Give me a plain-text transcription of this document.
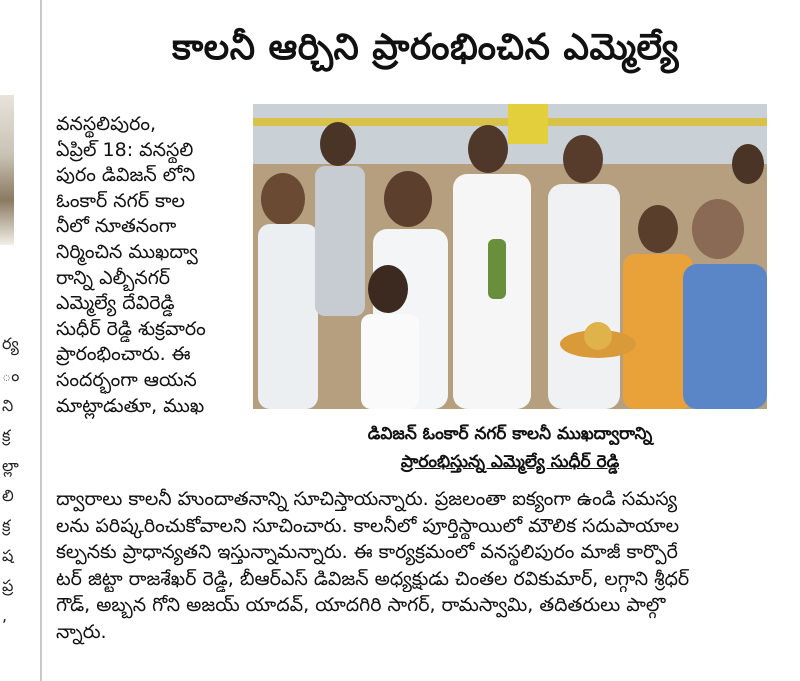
ర్య
ం
ని
క్ర
ల్లా
లి
క్ర
ష
ప్ర
,
కాలనీ ఆర్చిని ప్రారంభించిన ఎమ్మెల్యే
వనస్థలిపురం,
ఏప్రిల్ 18: వనస్థలి
పురం డివిజన్ లోని
ఓంకార్ నగర్ కాల
నీలో నూతనంగా
నిర్మించిన ముఖద్వా
రాన్ని ఎల్బీనగర్
ఎమ్మెల్యే దేవిరెడ్డి
సుధీర్ రెడ్డి శుక్రవారం
ప్రారంభించారు. ఈ
సందర్భంగా ఆయన
మాట్లాడుతూ, ముఖ
డివిజన్ ఓంకార్ నగర్ కాలనీ ముఖద్వారాన్ని
ప్రారంభిస్తున్న ఎమ్మెల్యే సుధీర్ రెడ్డి
ద్వారాలు కాలనీ హుందాతనాన్ని సూచిస్తాయన్నారు. ప్రజలంతా ఐక్యంగా ఉండి సమస్య
లను పరిష్కరించుకోవాలని సూచించారు. కాలనీలో పూర్తిస్థాయిలో మౌలిక సదుపాయాల
కల్పనకు ప్రాధాన్యతని ఇస్తున్నామన్నారు. ఈ కార్యక్రమంలో వనస్థలిపురం మాజీ కార్పొరే
టర్ జిట్టా రాజశేఖర్ రెడ్డి, బీఆర్ఎస్ డివిజన్ అధ్యక్షుడు చింతల రవికుమార్, లగ్గాని శ్రీధర్
గౌడ్, అబ్బన గోని అజయ్ యాదవ్, యాదగిరి సాగర్, రామస్వామి, తదితరులు పాల్గొ
న్నారు.
